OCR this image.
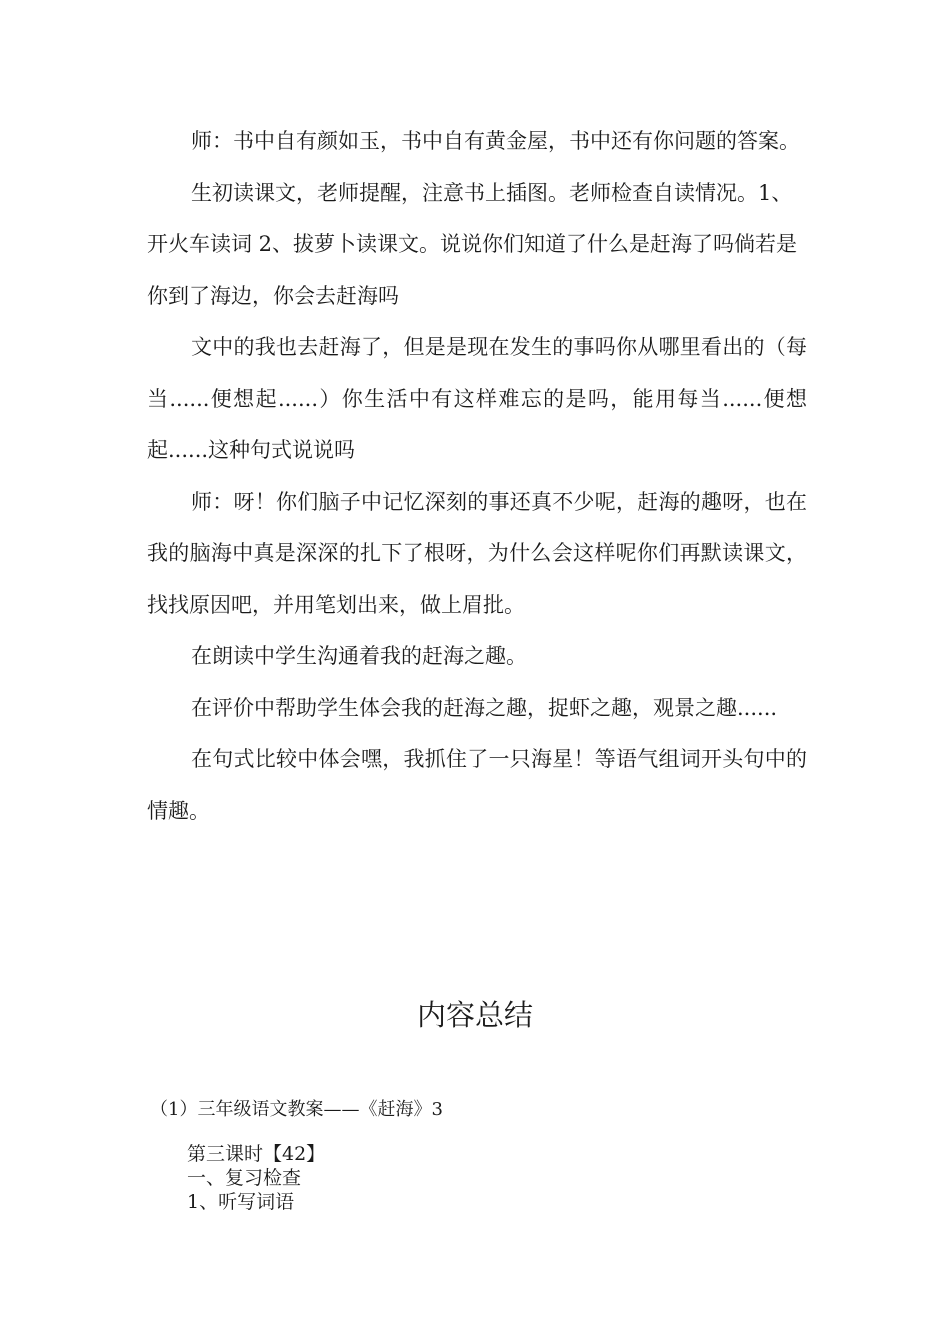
师：书中自有颜如玉，书中自有黄金屋，书中还有你问题的答案。

生初读课文，老师提醒，注意书上插图。老师检查自读情况。1、开火车读词 2、拔萝卜读课文。说说你们知道了什么是赶海了吗倘若是你到了海边，你会去赶海吗

文中的我也去赶海了，但是是现在发生的事吗你从哪里看出的（每当......便想起......）你生活中有这样难忘的是吗，能用每当......便想起......这种句式说说吗

师：呀！你们脑子中记忆深刻的事还真不少呢，赶海的趣呀，也在我的脑海中真是深深的扎下了根呀，为什么会这样呢你们再默读课文，找找原因吧，并用笔划出来，做上眉批。

在朗读中学生沟通着我的赶海之趣。

在评价中帮助学生体会我的赶海之趣，捉虾之趣，观景之趣......

在句式比较中体会嘿，我抓住了一只海星！等语气组词开头句中的情趣。

内容总结

（1）三年级语文教案——《赶海》3

第三课时【42】
一、复习检查
1、听写词语
